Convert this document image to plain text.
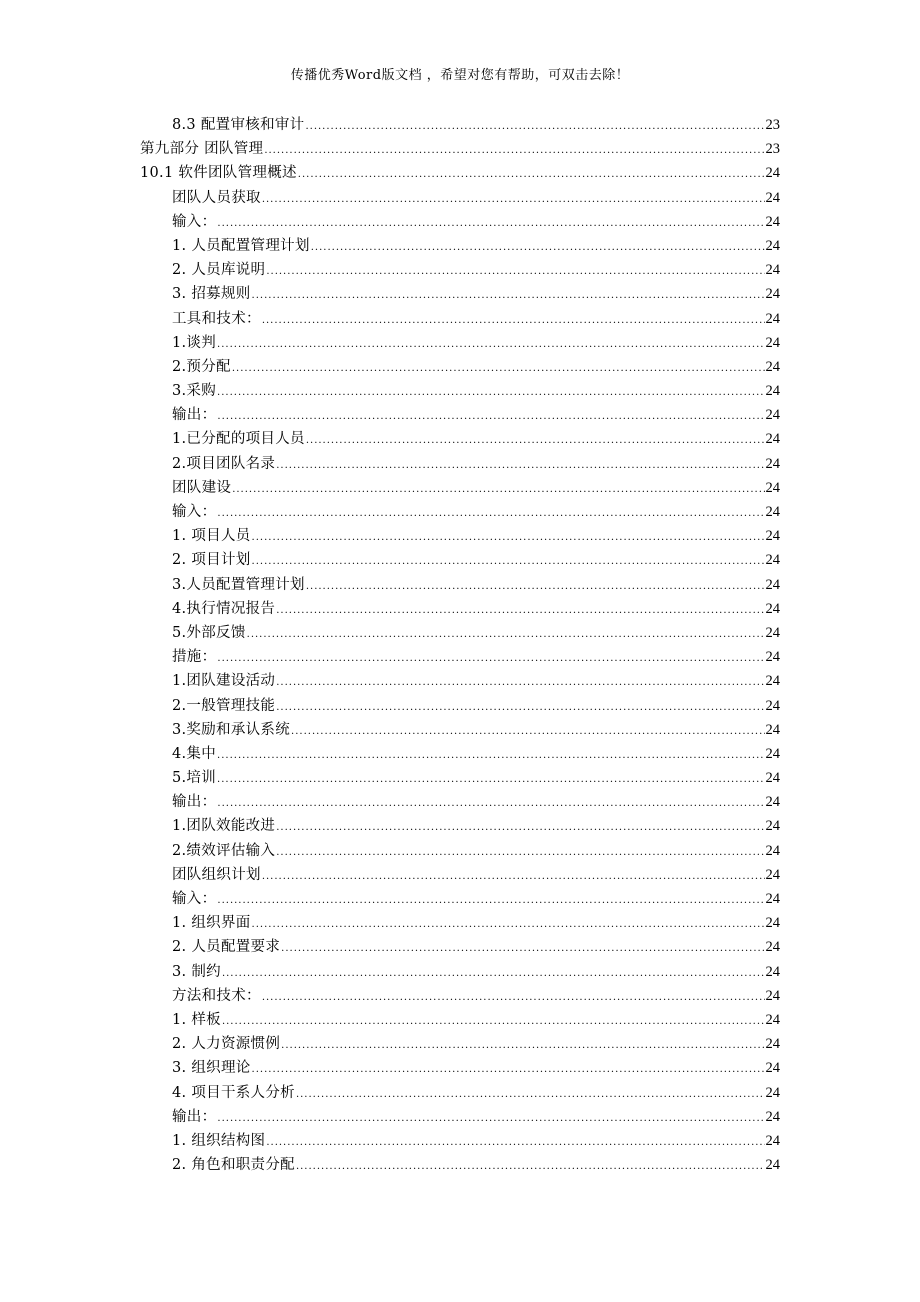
传播优秀Word版文档 ，希望对您有帮助，可双击去除！
8.3 配置审核和审计 .....	23
第九部分 团队管理 .....	23
10.1 软件团队管理概述 .....	24
团队人员获取 .....	24
输入： .....	24
1. 人员配置管理计划 .....	24
2. 人员库说明 .....	24
3. 招募规则 .....	24
工具和技术： .....	24
1.谈判 .....	24
2.预分配 .....	24
3.采购 .....	24
输出： .....	24
1.已分配的项目人员 .....	24
2.项目团队名录 .....	24
团队建设 .....	24
输入： .....	24
1. 项目人员 .....	24
2. 项目计划 .....	24
3.人员配置管理计划 .....	24
4.执行情况报告 .....	24
5.外部反馈 .....	24
措施： .....	24
1.团队建设活动 .....	24
2.一般管理技能 .....	24
3.奖励和承认系统 .....	24
4.集中 .....	24
5.培训 .....	24
输出： .....	24
1.团队效能改进 .....	24
2.绩效评估输入 .....	24
团队组织计划 .....	24
输入： .....	24
1. 组织界面 .....	24
2. 人员配置要求 .....	24
3. 制约 .....	24
方法和技术： .....	24
1. 样板 .....	24
2. 人力资源惯例 .....	24
3. 组织理论 .....	24
4. 项目干系人分析 .....	24
输出： .....	24
1. 组织结构图 .....	24
2. 角色和职责分配 .....	24
